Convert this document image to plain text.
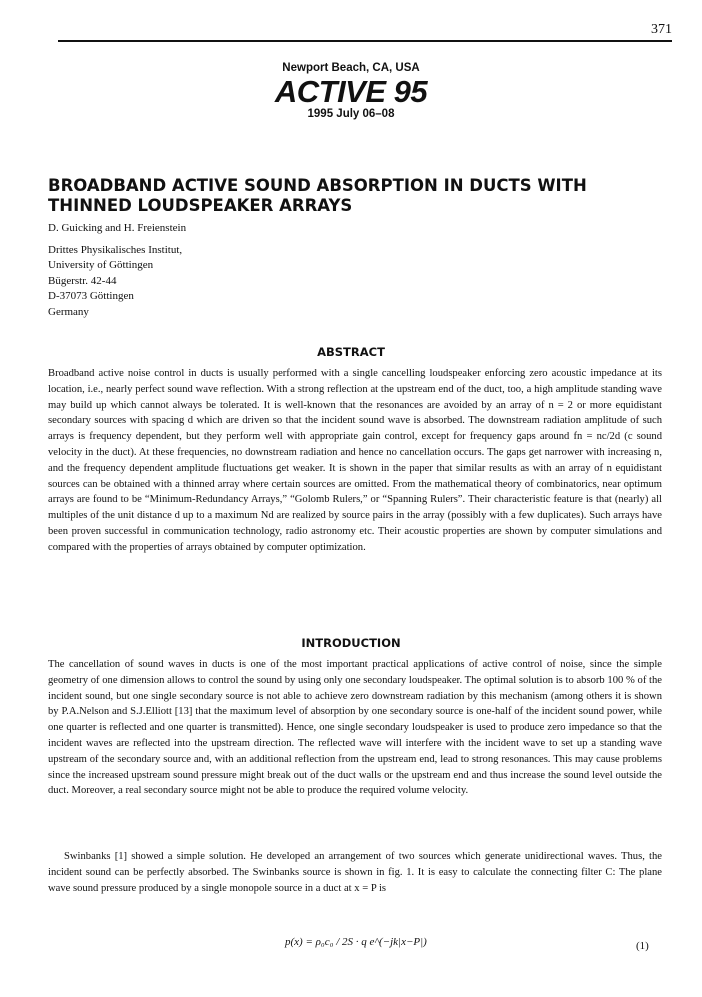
371
Newport Beach, CA, USA
ACTIVE 95
1995 July 06–08
BROADBAND ACTIVE SOUND ABSORPTION IN DUCTS WITH THINNED LOUDSPEAKER ARRAYS
D. Guicking and H. Freienstein
Drittes Physikalisches Institut,
University of Göttingen
Bügerstr. 42-44
D-37073 Göttingen
Germany
ABSTRACT

Broadband active noise control in ducts is usually performed with a single cancelling loudspeaker enforcing zero acoustic impedance at its location, i.e., nearly perfect sound wave reflection. With a strong reflection at the upstream end of the duct, too, a high amplitude standing wave may build up which cannot always be tolerated. It is well-known that the resonances are avoided by an array of n = 2 or more equidistant secondary sources with spacing d which are driven so that the incident sound wave is absorbed. The downstream radiation amplitude of such arrays is frequency dependent, but they perform well with appropriate gain control, except for frequency gaps around fn = nc/2d (c sound velocity in the duct). At these frequencies, no downstream radiation and hence no cancellation occurs. The gaps get narrower with increasing n, and the frequency dependent amplitude fluctuations get weaker. It is shown in the paper that similar results as with an array of n equidistant sources can be obtained with a thinned array where certain sources are omitted. From the mathematical theory of combinatorics, near optimum arrays are found to be “Minimum-Redundancy Arrays,” “Golomb Rulers,” or “Spanning Rulers”. Their characteristic feature is that (nearly) all multiples of the unit distance d up to a maximum Nd are realized by source pairs in the array (possibly with a few duplicates). Such arrays have been proven successful in communication technology, radio astronomy etc. Their acoustic properties are shown by computer simulations and compared with the properties of arrays obtained by computer optimization.

INTRODUCTION

The cancellation of sound waves in ducts is one of the most important practical applications of active control of noise, since the simple geometry of one dimension allows to control the sound by using only one secondary loudspeaker. The optimal solution is to absorb 100 % of the incident sound, but one single secondary source is not able to achieve zero downstream radiation by this mechanism (among others it is shown by P.A.Nelson and S.J.Elliott [13] that the maximum level of absorption by one secondary source is one-half of the incident sound power, while one quarter is reflected and one quarter is transmitted). Hence, one single secondary loudspeaker is used to produce zero impedance so that the incident waves are reflected into the upstream direction. The reflected wave will interfere with the incident wave to set up a standing wave upstream of the secondary source and, with an additional reflection from the upstream end, lead to strong resonances. This may cause problems since the increased upstream sound pressure might break out of the duct walls or the upstream end and thus increase the sound level outside the duct. Moreover, a real secondary source might not be able to produce the required volume velocity.

Swinbanks [1] showed a simple solution. He developed an arrangement of two sources which generate unidirectional waves. Thus, the incident sound can be perfectly absorbed. The Swinbanks source is shown in fig. 1. It is easy to calculate the connecting filter C: The plane wave sound pressure produced by a single monopole source in a duct at x = P is

p(x) = ρ₀c₀ / 2S · q e^(−jk|x−P|)	(1)
